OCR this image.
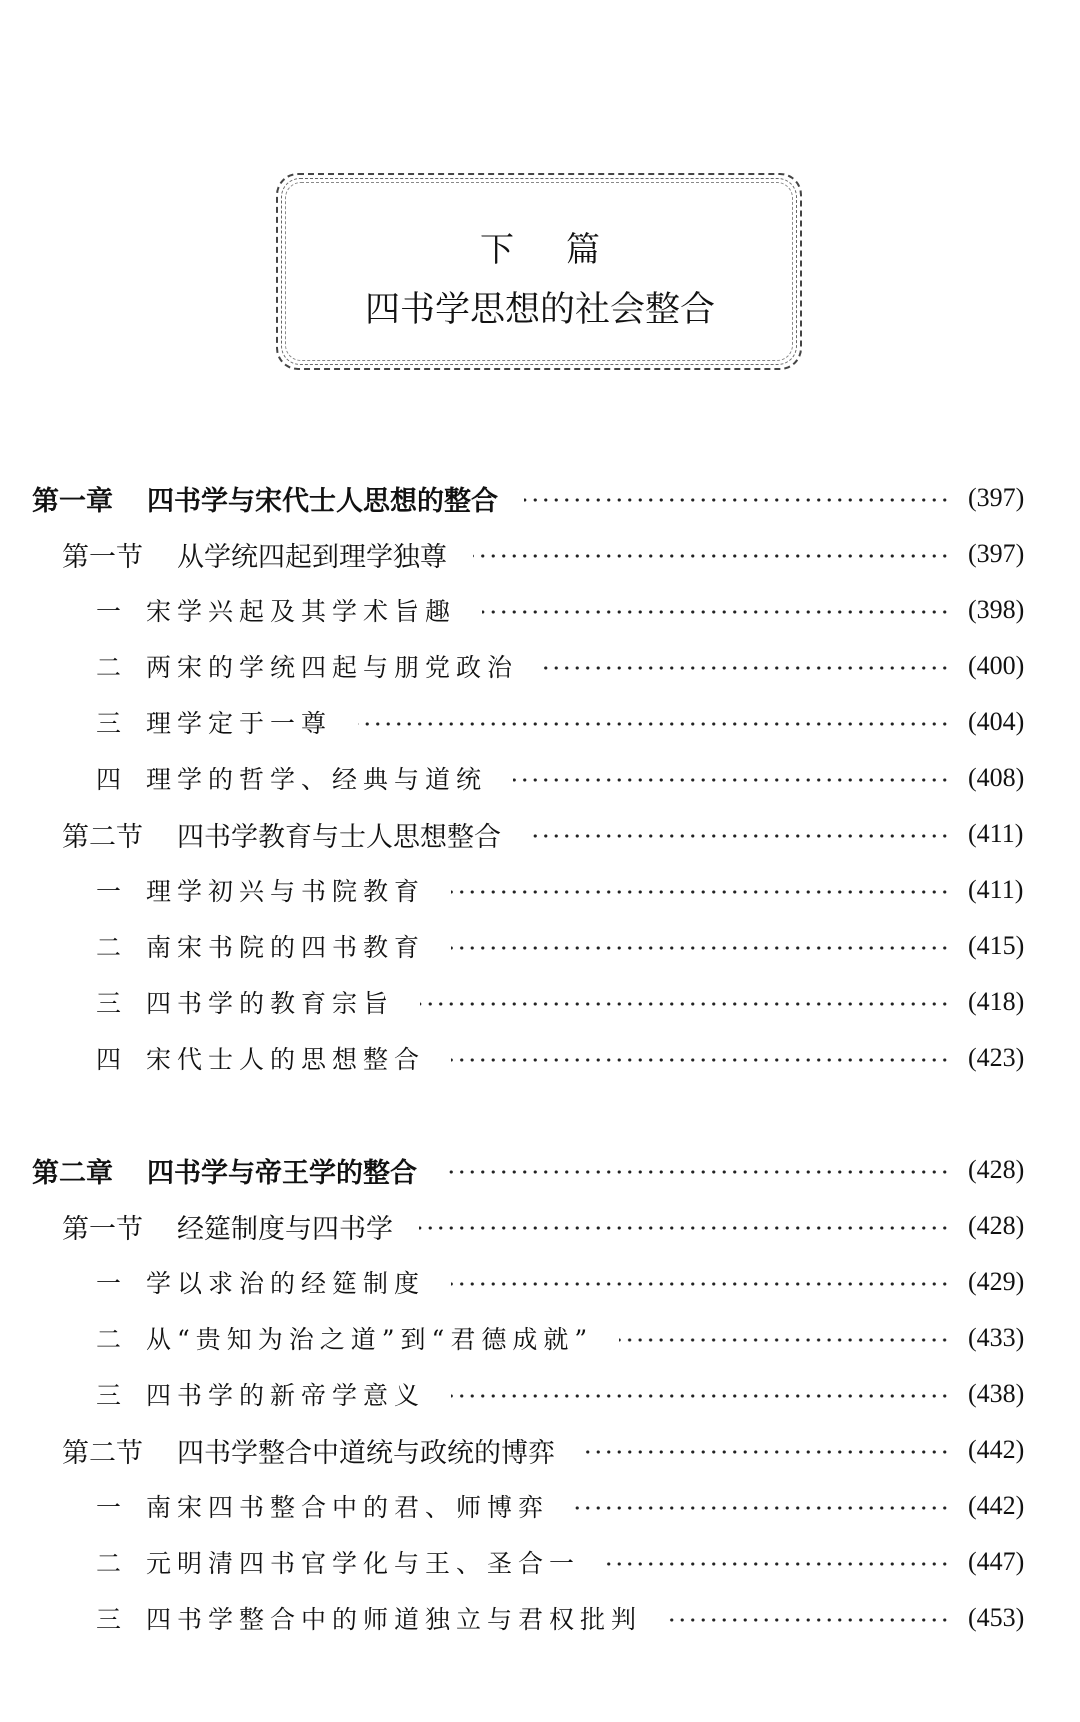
下 篇
四书学思想的社会整合
第一章 四书学与宋代士人思想的整合	(397)
第一节 从学统四起到理学独尊	(397)
一 宋学兴起及其学术旨趣	(398)
二 两宋的学统四起与朋党政治	(400)
三 理学定于一尊	(404)
四 理学的哲学、经典与道统	(408)
第二节 四书学教育与士人思想整合	(411)
一 理学初兴与书院教育	(411)
二 南宋书院的四书教育	(415)
三 四书学的教育宗旨	(418)
四 宋代士人的思想整合	(423)
第二章 四书学与帝王学的整合	(428)
第一节 经筵制度与四书学	(428)
一 学以求治的经筵制度	(429)
二 从“贵知为治之道”到“君德成就”	(433)
三 四书学的新帝学意义	(438)
第二节 四书学整合中道统与政统的博弈	(442)
一 南宋四书整合中的君、师博弈	(442)
二 元明清四书官学化与王、圣合一	(447)
三 四书学整合中的师道独立与君权批判	(453)
